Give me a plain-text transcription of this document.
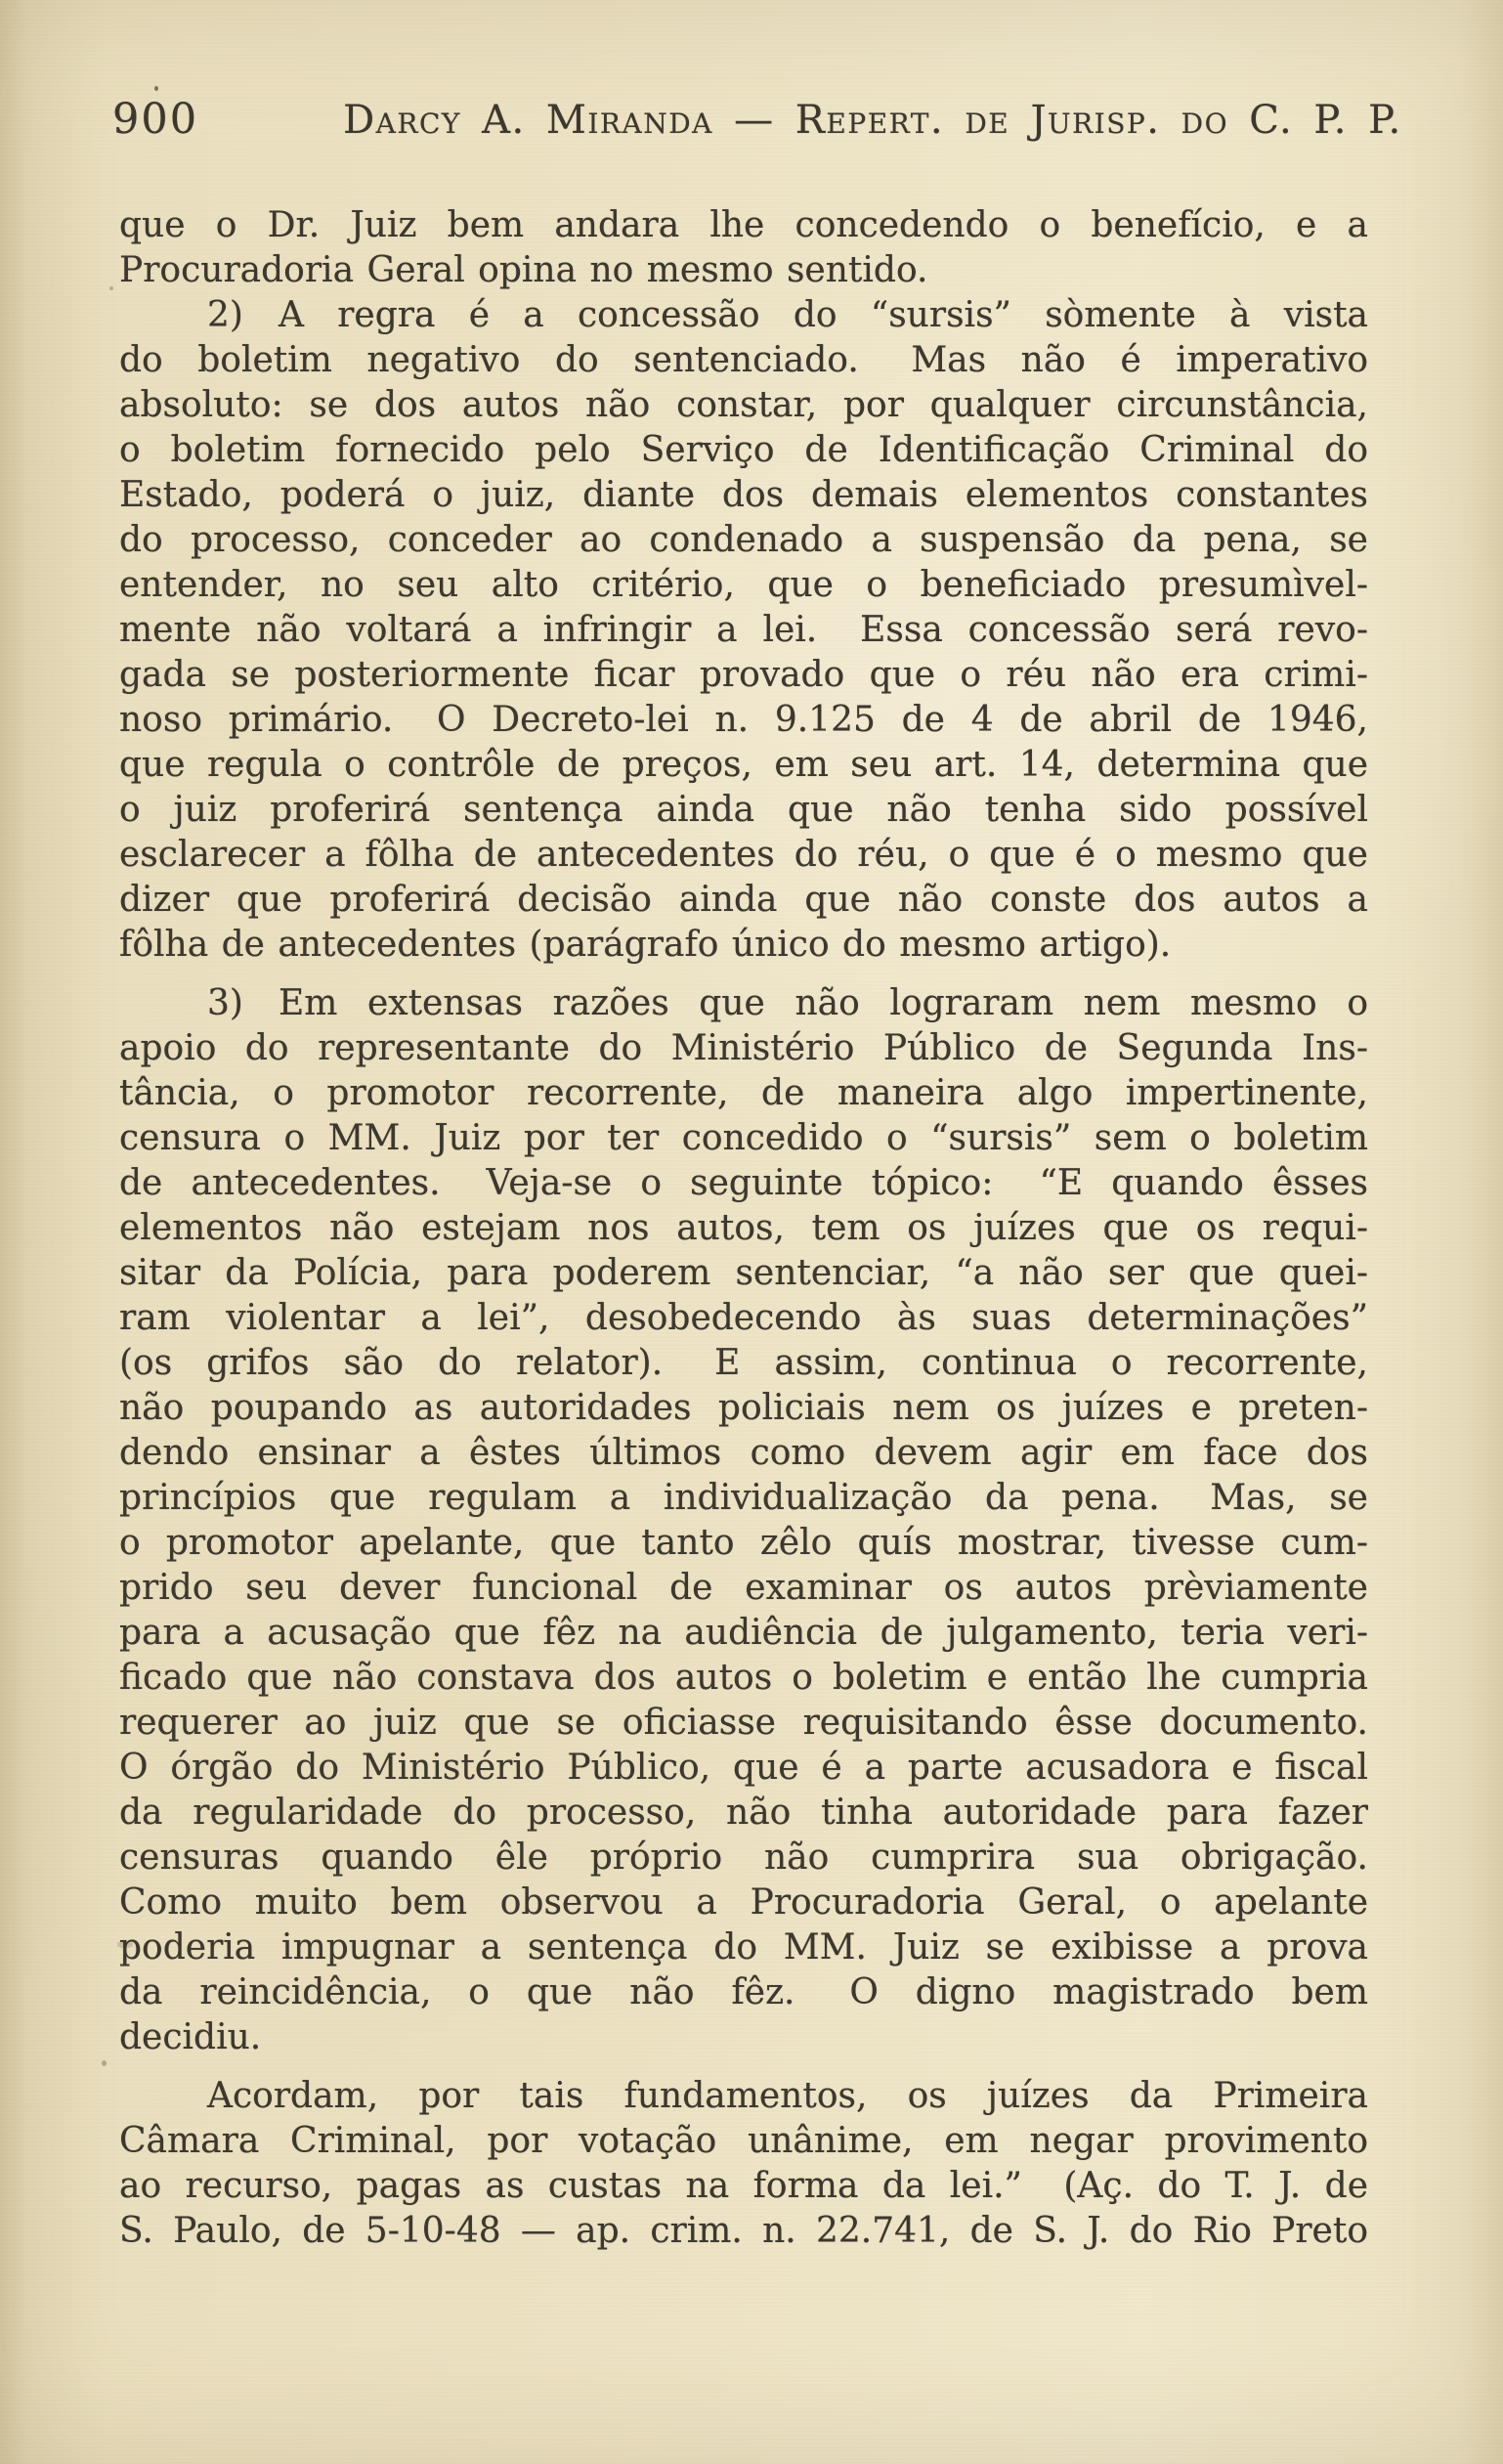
900	Darcy A. Miranda — Repert. de Jurisp. do C. P. P.
que o Dr. Juiz bem andara lhe concedendo o benefício, e a
Procuradoria Geral opina no mesmo sentido.
2) A regra é a concessão do “sursis” sòmente à vista
do boletim negativo do sentenciado.  Mas não é imperativo
absoluto: se dos autos não constar, por qualquer circunstância,
o boletim fornecido pelo Serviço de Identificação Criminal do
Estado, poderá o juiz, diante dos demais elementos constantes
do processo, conceder ao condenado a suspensão da pena, se
entender, no seu alto critério, que o beneficiado presumìvel-
mente não voltará a infringir a lei.  Essa concessão será revo-
gada se posteriormente ficar provado que o réu não era crimi-
noso primário.  O Decreto-lei n. 9.125 de 4 de abril de 1946,
que regula o contrôle de preços, em seu art. 14, determina que
o juiz proferirá sentença ainda que não tenha sido possível
esclarecer a fôlha de antecedentes do réu, o que é o mesmo que
dizer que proferirá decisão ainda que não conste dos autos a
fôlha de antecedentes (parágrafo único do mesmo artigo).
3) Em extensas razões que não lograram nem mesmo o
apoio do representante do Ministério Público de Segunda Ins-
tância, o promotor recorrente, de maneira algo impertinente,
censura o MM. Juiz por ter concedido o “sursis” sem o boletim
de antecedentes.  Veja-se o seguinte tópico:  “E quando êsses
elementos não estejam nos autos, tem os juízes que os requi-
sitar da Polícia, para poderem sentenciar, “a não ser que quei-
ram violentar a lei”, desobedecendo às suas determinações”
(os grifos são do relator).  E assim, continua o recorrente,
não poupando as autoridades policiais nem os juízes e preten-
dendo ensinar a êstes últimos como devem agir em face dos
princípios que regulam a individualização da pena.  Mas, se
o promotor apelante, que tanto zêlo quís mostrar, tivesse cum-
prido seu dever funcional de examinar os autos prèviamente
para a acusação que fêz na audiência de julgamento, teria veri-
ficado que não constava dos autos o boletim e então lhe cumpria
requerer ao juiz que se oficiasse requisitando êsse documento.
O órgão do Ministério Público, que é a parte acusadora e fiscal
da regularidade do processo, não tinha autoridade para fazer
censuras quando êle próprio não cumprira sua obrigação.
Como muito bem observou a Procuradoria Geral, o apelante
poderia impugnar a sentença do MM. Juiz se exibisse a prova
da reincidência, o que não fêz.  O digno magistrado bem
decidiu.
Acordam, por tais fundamentos, os juízes da Primeira
Câmara Criminal, por votação unânime, em negar provimento
ao recurso, pagas as custas na forma da lei.”  (Aç. do T. J. de
S. Paulo, de 5-10-48 — ap. crim. n. 22.741, de S. J. do Rio Preto
